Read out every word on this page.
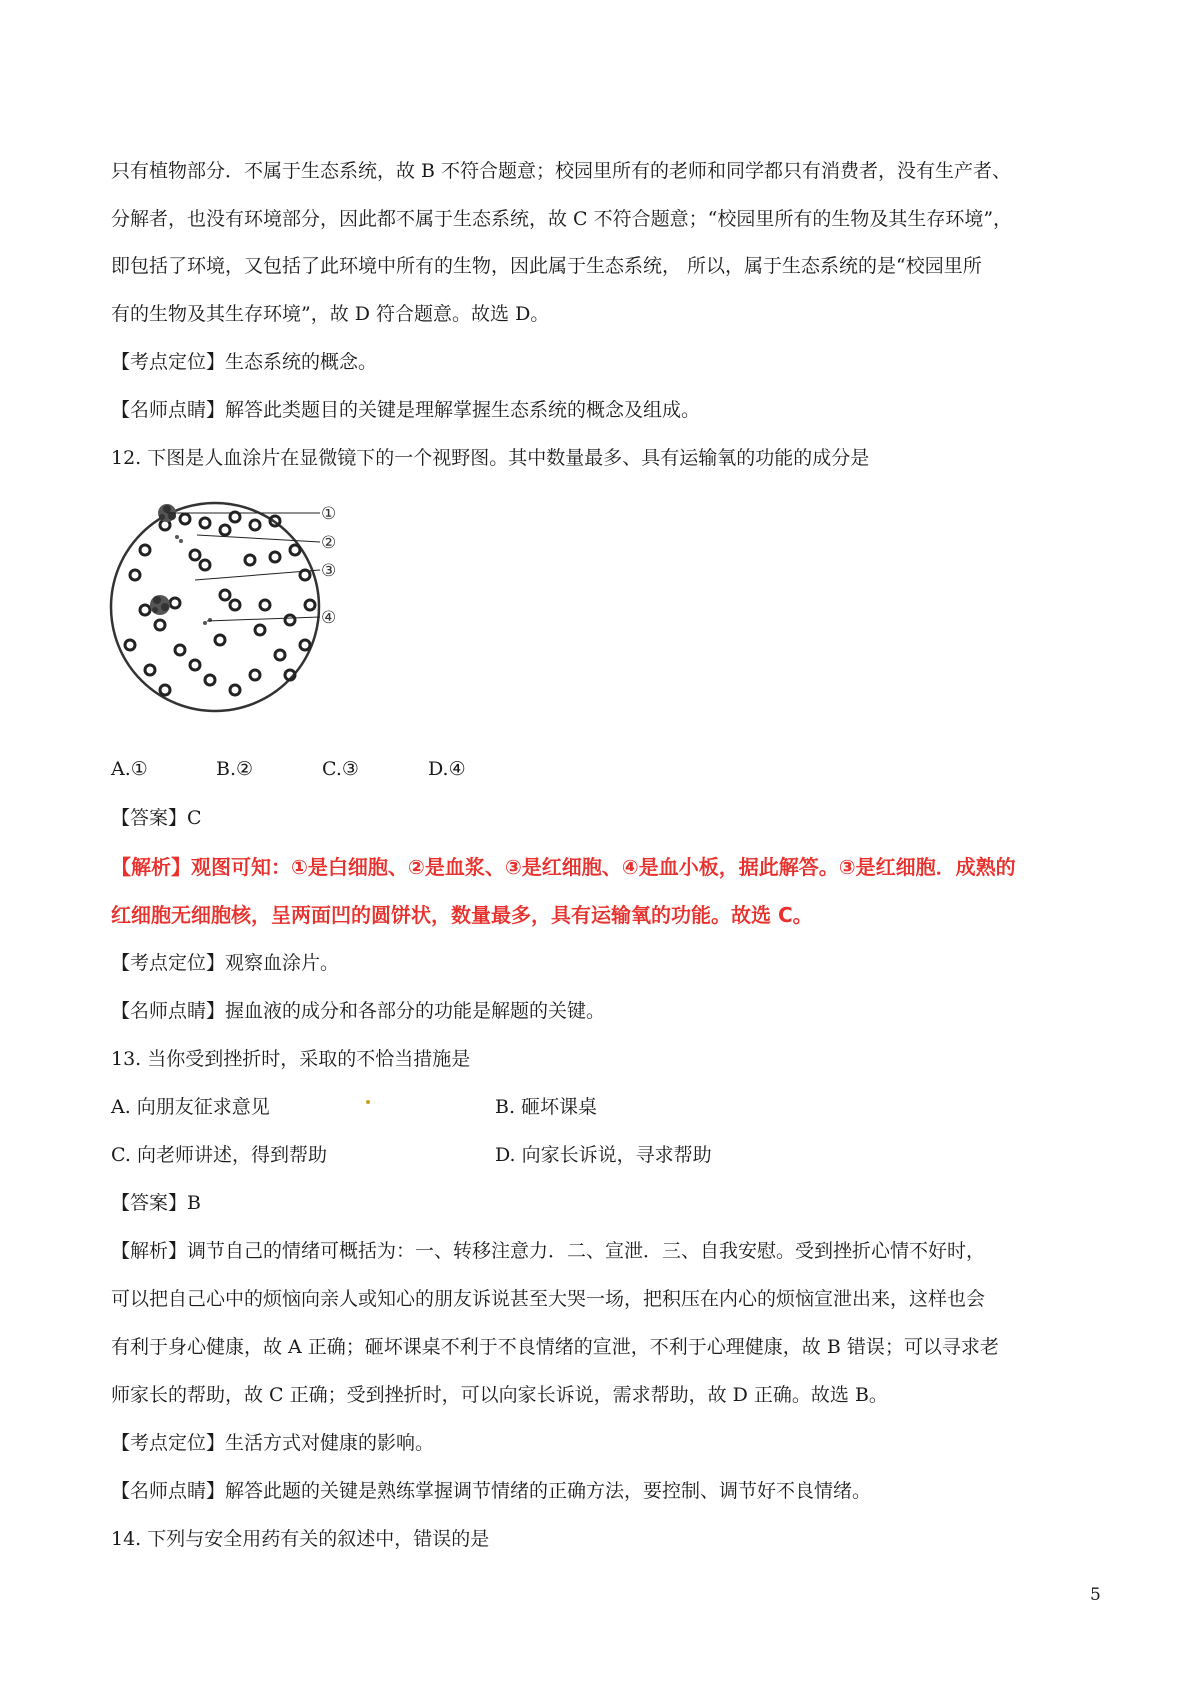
只有植物部分．不属于生态系统，故 B 不符合题意；校园里所有的老师和同学都只有消费者，没有生产者、

分解者，也没有环境部分，因此都不属于生态系统，故 C 不符合题意；“校园里所有的生物及其生存环境”，

即包括了环境，又包括了此环境中所有的生物，因此属于生态系统， 所以，属于生态系统的是“校园里所

有的生物及其生存环境”，故 D 符合题意。故选 D。

【考点定位】生态系统的概念。

【名师点睛】解答此类题目的关键是理解掌握生态系统的概念及组成。

12. 下图是人血涂片在显微镜下的一个视野图。其中数量最多、具有运输氧的功能的成分是

①
②
③
④
A.①	B.②	C.③	D.④

【答案】C

【解析】观图可知：①是白细胞、②是血浆、③是红细胞、④是血小板，据此解答。③是红细胞．成熟的

红细胞无细胞核，呈两面凹的圆饼状，数量最多，具有运输氧的功能。故选 C。

【考点定位】观察血涂片。

【名师点睛】握血液的成分和各部分的功能是解题的关键。

13. 当你受到挫折时，采取的不恰当措施是

A. 向朋友征求意见	B. 砸坏课桌
C. 向老师讲述，得到帮助	D. 向家长诉说，寻求帮助

【答案】B

【解析】调节自己的情绪可概括为：一、转移注意力．二、宣泄．三、自我安慰。受到挫折心情不好时，

可以把自己心中的烦恼向亲人或知心的朋友诉说甚至大哭一场，把积压在内心的烦恼宣泄出来，这样也会

有利于身心健康，故 A 正确；砸坏课桌不利于不良情绪的宣泄，不利于心理健康，故 B 错误；可以寻求老

师家长的帮助，故 C 正确；受到挫折时，可以向家长诉说，需求帮助，故 D 正确。故选 B。

【考点定位】生活方式对健康的影响。

【名师点睛】解答此题的关键是熟练掌握调节情绪的正确方法，要控制、调节好不良情绪。

14. 下列与安全用药有关的叙述中，错误的是

5
